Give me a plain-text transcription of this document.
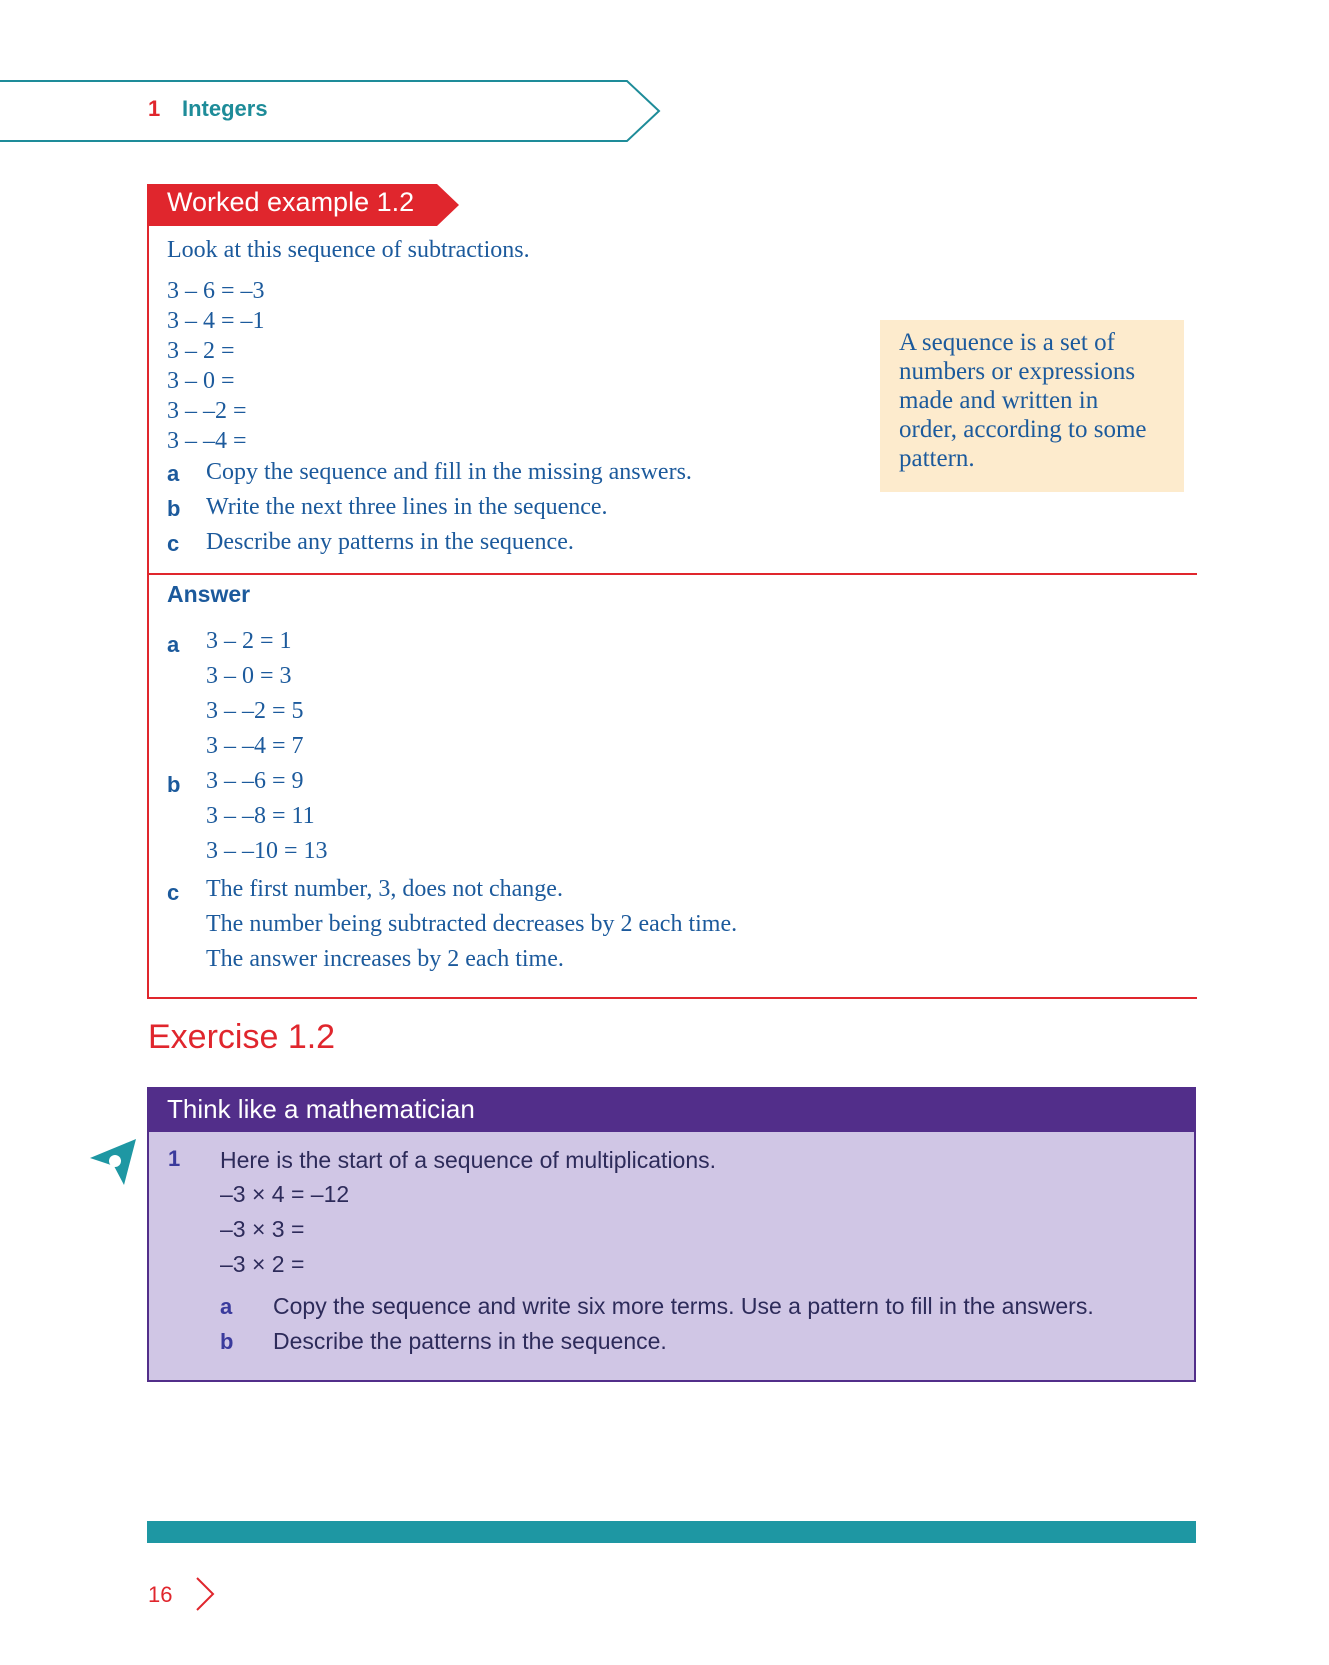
1 Integers
Worked example 1.2
Look at this sequence of subtractions.
3 – 6 = –3
3 – 4 = –1
3 – 2 =
3 – 0 =
3 – –2 =
3 – –4 =
a Copy the sequence and fill in the missing answers.
b Write the next three lines in the sequence.
c Describe any patterns in the sequence.
Answer
a 3 – 2 = 1
3 – 0 = 3
3 – –2 = 5
3 – –4 = 7
b 3 – –6 = 9
3 – –8 = 11
3 – –10 = 13
c The first number, 3, does not change.
The number being subtracted decreases by 2 each time.
The answer increases by 2 each time.
A sequence is a set of
numbers or expressions
made and written in
order, according to some
pattern.
Exercise 1.2
Think like a mathematician
1 Here is the start of a sequence of multiplications.
–3 × 4 = –12
–3 × 3 =
–3 × 2 =
a Copy the sequence and write six more terms. Use a pattern to fill in the answers.
b Describe the patterns in the sequence.
16
